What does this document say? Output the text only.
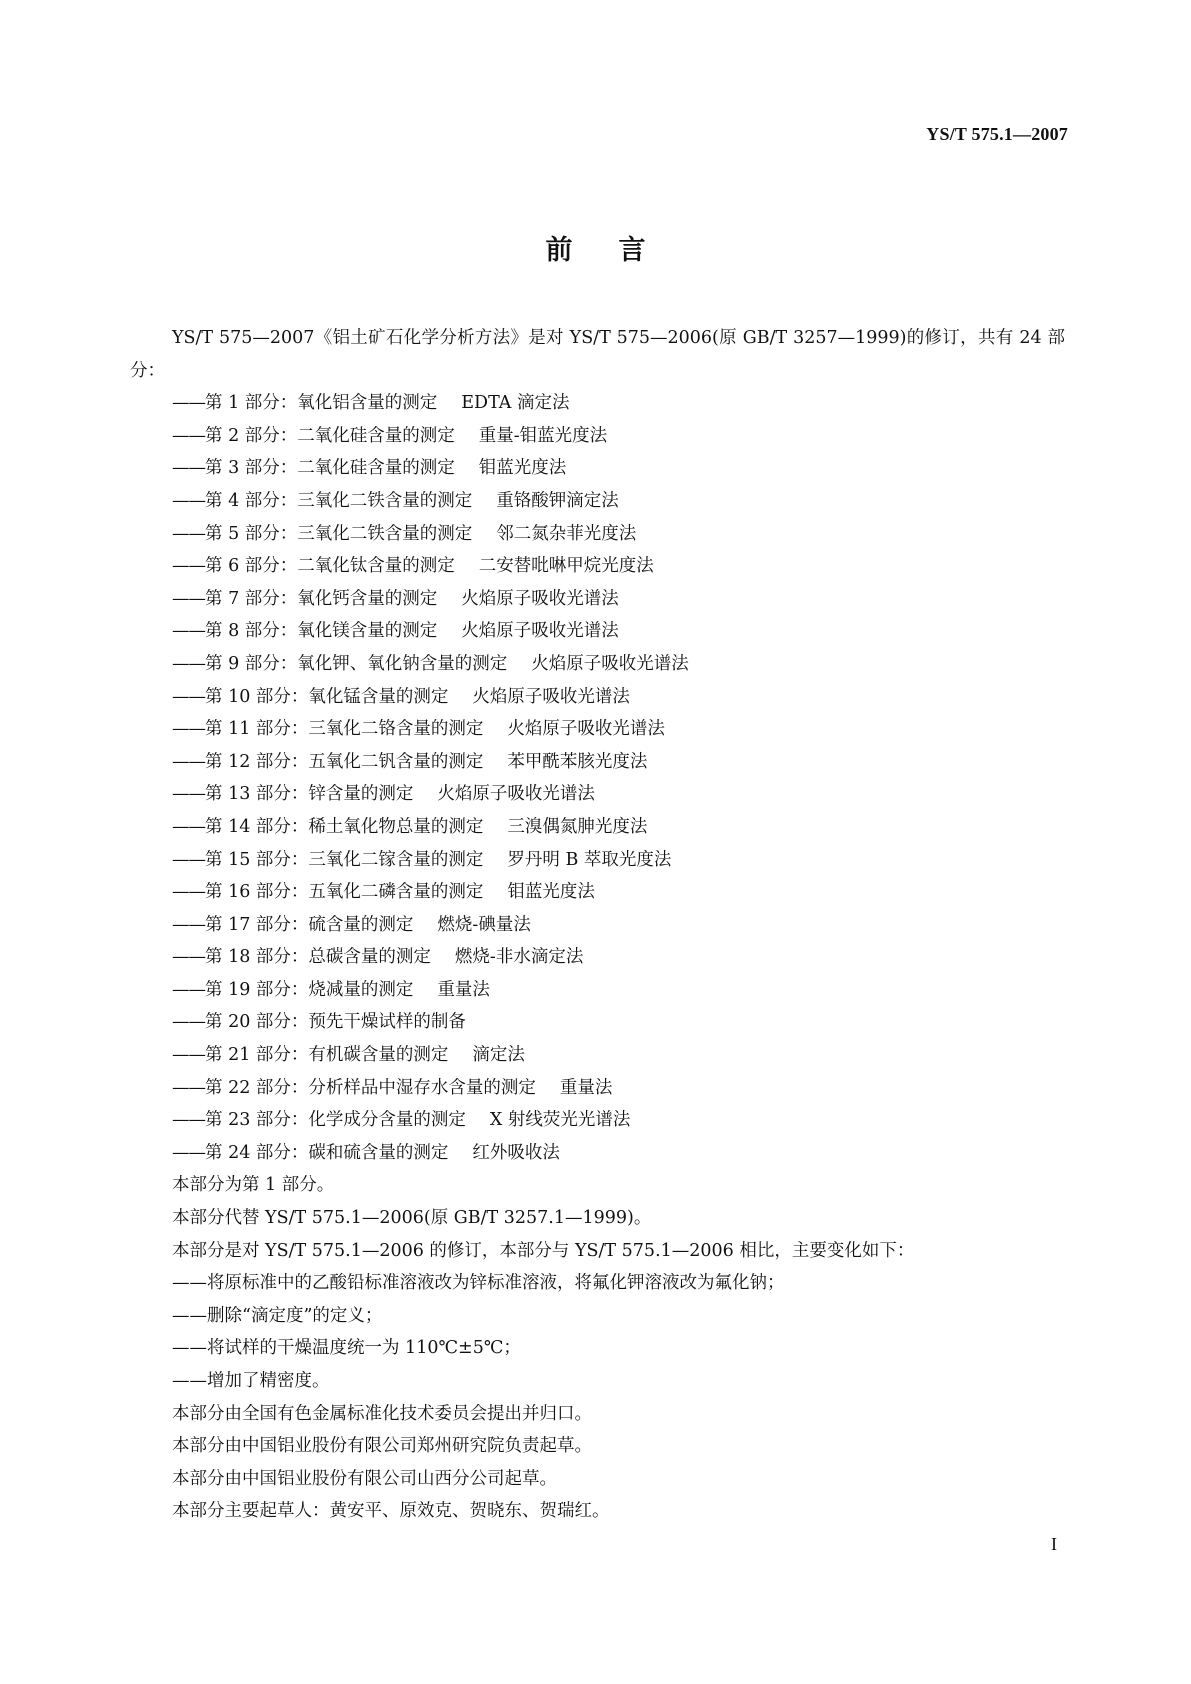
YS/T 575.1—2007
前言

YS/T 575—2007《铝土矿石化学分析方法》是对 YS/T 575—2006(原 GB/T 3257—1999)的修订，共有 24 部分：

——第 1 部分：氧化铝含量的测定 EDTA 滴定法
——第 2 部分：二氧化硅含量的测定 重量-钼蓝光度法
——第 3 部分：二氧化硅含量的测定 钼蓝光度法
——第 4 部分：三氧化二铁含量的测定 重铬酸钾滴定法
——第 5 部分：三氧化二铁含量的测定 邻二氮杂菲光度法
——第 6 部分：二氧化钛含量的测定 二安替吡啉甲烷光度法
——第 7 部分：氧化钙含量的测定 火焰原子吸收光谱法
——第 8 部分：氧化镁含量的测定 火焰原子吸收光谱法
——第 9 部分：氧化钾、氧化钠含量的测定 火焰原子吸收光谱法
——第 10 部分：氧化锰含量的测定 火焰原子吸收光谱法
——第 11 部分：三氧化二铬含量的测定 火焰原子吸收光谱法
——第 12 部分：五氧化二钒含量的测定 苯甲酰苯胲光度法
——第 13 部分：锌含量的测定 火焰原子吸收光谱法
——第 14 部分：稀土氧化物总量的测定 三溴偶氮胂光度法
——第 15 部分：三氧化二镓含量的测定 罗丹明 B 萃取光度法
——第 16 部分：五氧化二磷含量的测定 钼蓝光度法
——第 17 部分：硫含量的测定 燃烧-碘量法
——第 18 部分：总碳含量的测定 燃烧-非水滴定法
——第 19 部分：烧减量的测定 重量法
——第 20 部分：预先干燥试样的制备
——第 21 部分：有机碳含量的测定 滴定法
——第 22 部分：分析样品中湿存水含量的测定 重量法
——第 23 部分：化学成分含量的测定 X 射线荧光光谱法
——第 24 部分：碳和硫含量的测定 红外吸收法

本部分为第 1 部分。

本部分代替 YS/T 575.1—2006(原 GB/T 3257.1—1999)。

本部分是对 YS/T 575.1—2006 的修订，本部分与 YS/T 575.1—2006 相比，主要变化如下：

——将原标准中的乙酸铅标准溶液改为锌标准溶液，将氟化钾溶液改为氟化钠；

——删除“滴定度”的定义；

——将试样的干燥温度统一为 110℃±5℃；

——增加了精密度。

本部分由全国有色金属标准化技术委员会提出并归口。

本部分由中国铝业股份有限公司郑州研究院负责起草。

本部分由中国铝业股份有限公司山西分公司起草。

本部分主要起草人：黄安平、原效克、贺晓东、贺瑞红。

I
